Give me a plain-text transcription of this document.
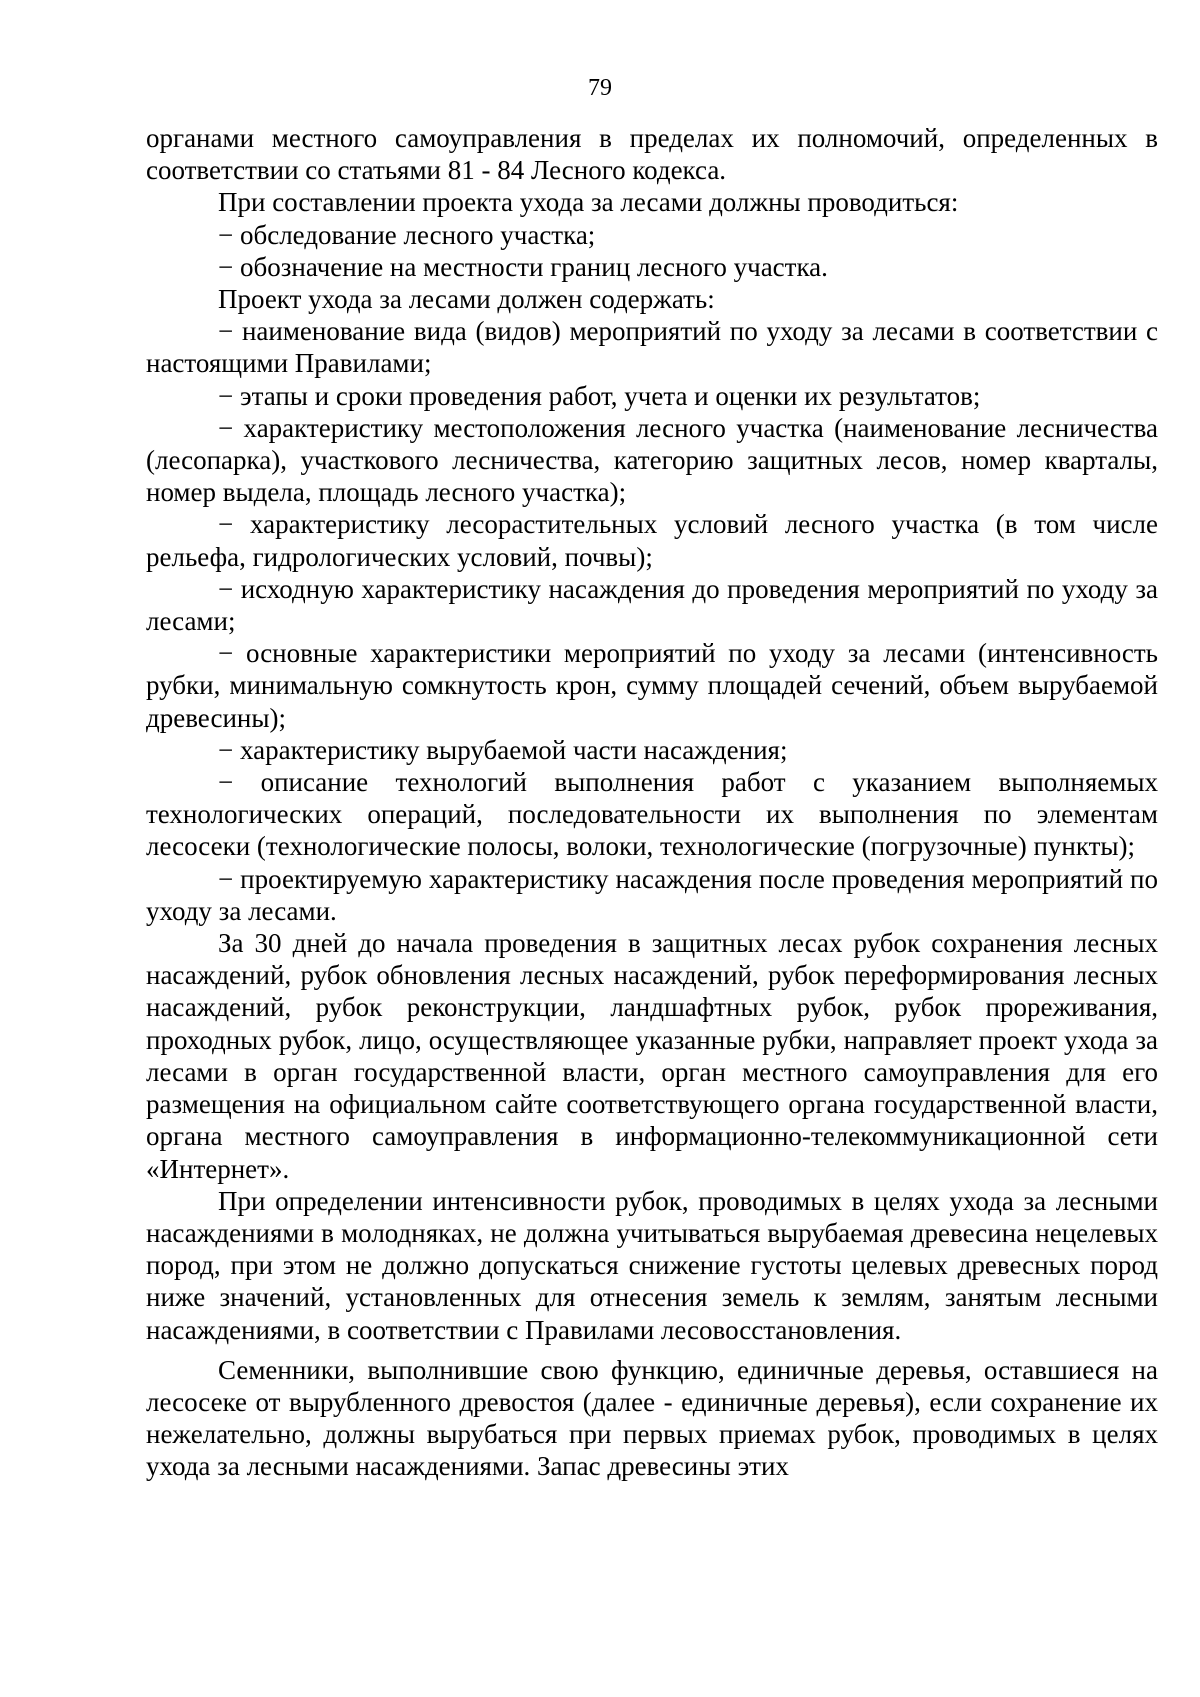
79

органами местного самоуправления в пределах их полномочий, определенных в соответствии со статьями 81 - 84 Лесного кодекса.

При составлении проекта ухода за лесами должны проводиться:

− обследование лесного участка;

− обозначение на местности границ лесного участка.

Проект ухода за лесами должен содержать:

− наименование вида (видов) мероприятий по уходу за лесами в соответствии с настоящими Правилами;

− этапы и сроки проведения работ, учета и оценки их результатов;

− характеристику местоположения лесного участка (наименование лесничества (лесопарка), участкового лесничества, категорию защитных лесов, номер кварталы, номер выдела, площадь лесного участка);

− характеристику лесорастительных условий лесного участка (в том числе рельефа, гидрологических условий, почвы);

− исходную характеристику насаждения до проведения мероприятий по уходу за лесами;

− основные характеристики мероприятий по уходу за лесами (интенсивность рубки, минимальную сомкнутость крон, сумму площадей сечений, объем вырубаемой древесины);

− характеристику вырубаемой части насаждения;

− описание технологий выполнения работ с указанием выполняемых технологических операций, последовательности их выполнения по элементам лесосеки (технологические полосы, волоки, технологические (погрузочные) пункты);

− проектируемую характеристику насаждения после проведения мероприятий по уходу за лесами.

За 30 дней до начала проведения в защитных лесах рубок сохранения лесных насаждений, рубок обновления лесных насаждений, рубок переформирования лесных насаждений, рубок реконструкции, ландшафтных рубок, рубок прореживания, проходных рубок, лицо, осуществляющее указанные рубки, направляет проект ухода за лесами в орган государственной власти, орган местного самоуправления для его размещения на официальном сайте соответствующего органа государственной власти, органа местного самоуправления в информационно-телекоммуникационной сети «Интернет».

При определении интенсивности рубок, проводимых в целях ухода за лесными насаждениями в молодняках, не должна учитываться вырубаемая древесина нецелевых пород, при этом не должно допускаться снижение густоты целевых древесных пород ниже значений, установленных для отнесения земель к землям, занятым лесными насаждениями, в соответствии с Правилами лесовосстановления.

Семенники, выполнившие свою функцию, единичные деревья, оставшиеся на лесосеке от вырубленного древостоя (далее - единичные деревья), если сохранение их нежелательно, должны вырубаться при первых приемах рубок, проводимых в целях ухода за лесными насаждениями. Запас древесины этих
